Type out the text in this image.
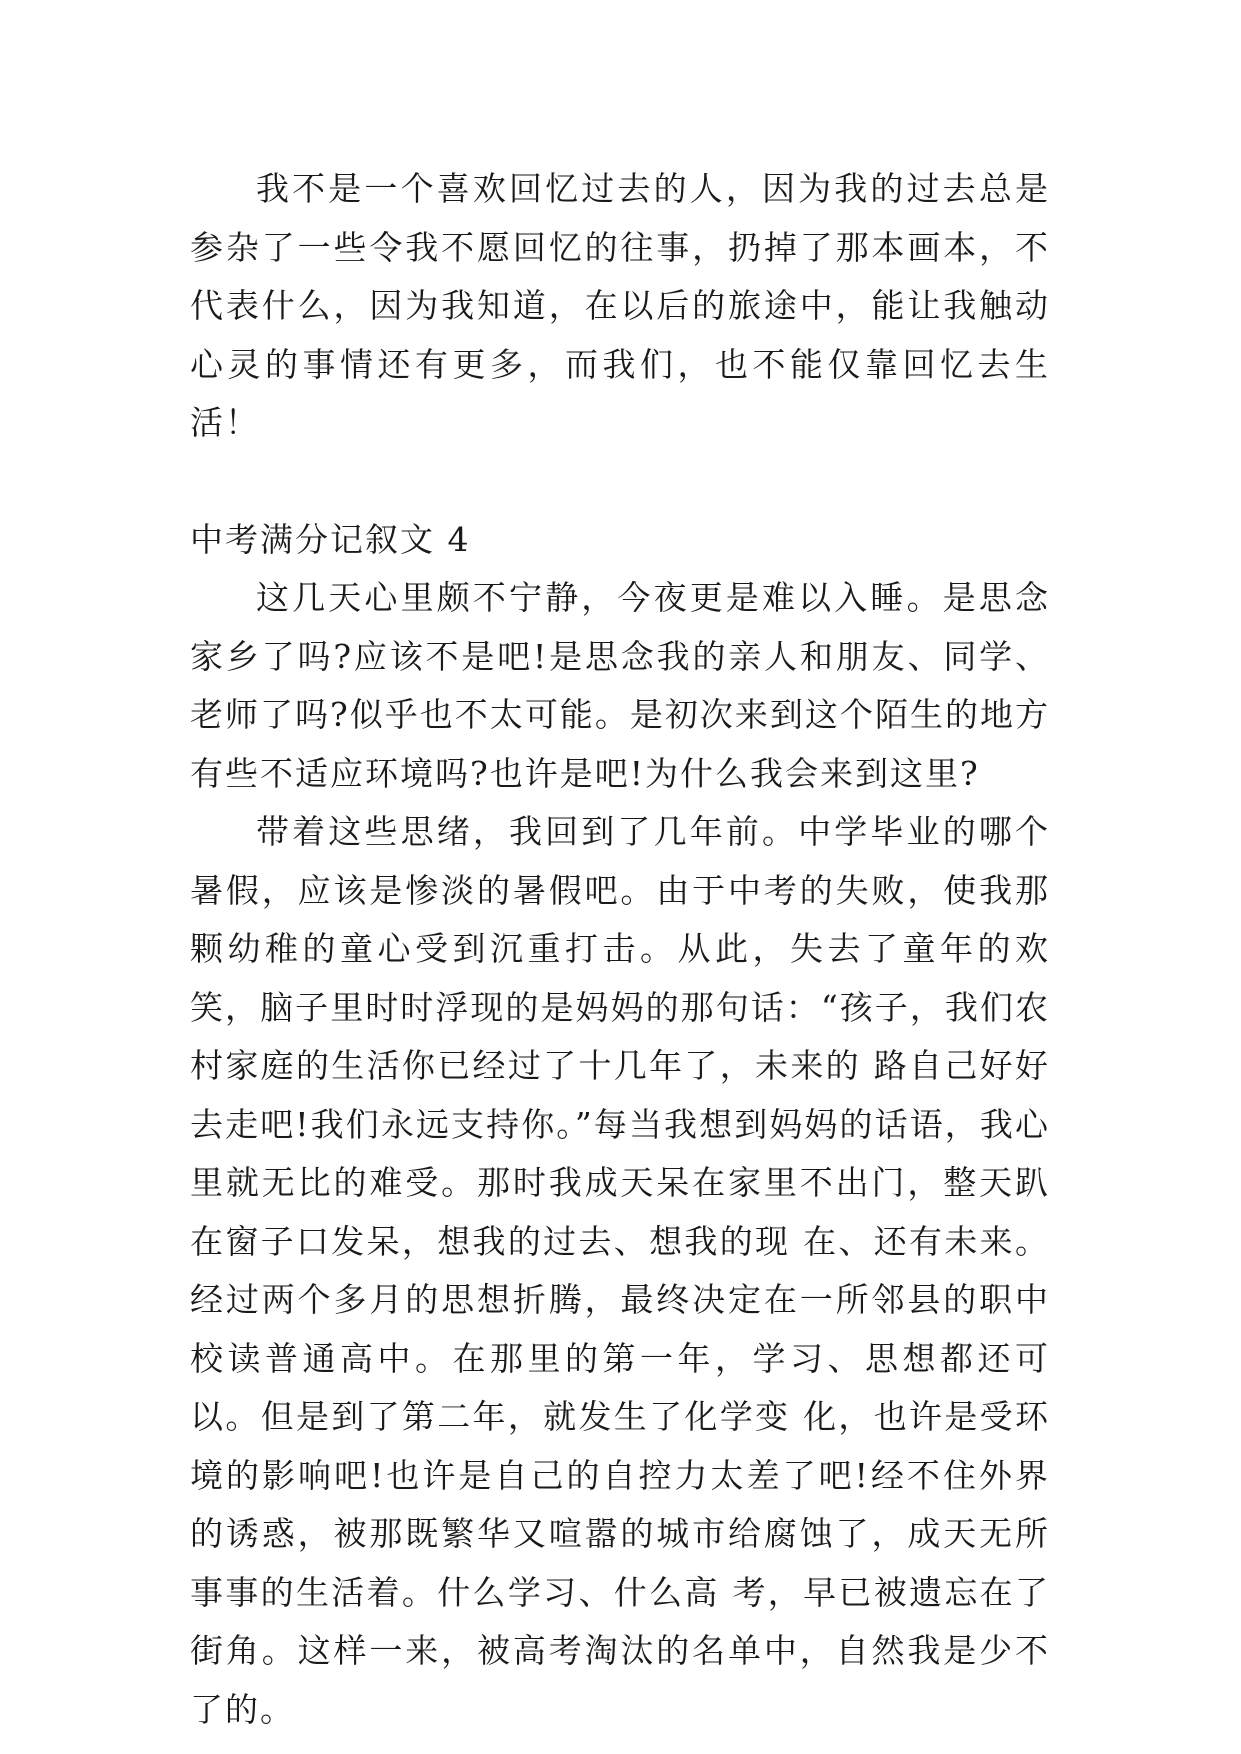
我不是一个喜欢回忆过去的人，因为我的过去总是参杂了一些令我不愿回忆的往事，扔掉了那本画本，不代表什么，因为我知道，在以后的旅途中，能让我触动心灵的事情还有更多，而我们，也不能仅靠回忆去生活！

中考满分记叙文 4

这几天心里颇不宁静，今夜更是难以入睡。是思念家乡了吗?应该不是吧!是思念我的亲人和朋友、同学、老师了吗?似乎也不太可能。是初次来到这个陌生的地方有些不适应环境吗?也许是吧!为什么我会来到这里?

带着这些思绪，我回到了几年前。中学毕业的哪个暑假，应该是惨淡的暑假吧。由于中考的失败，使我那颗幼稚的童心受到沉重打击。从此，失去了童年的欢笑，脑子里时时浮现的是妈妈的那句话：“孩子，我们农村家庭的生活你已经过了十几年了，未来的 路自己好好去走吧!我们永远支持你。”每当我想到妈妈的话语，我心里就无比的难受。那时我成天呆在家里不出门，整天趴在窗子口发呆，想我的过去、想我的现 在、还有未来。经过两个多月的思想折腾，最终决定在一所邻县的职中校读普通高中。在那里的第一年，学习、思想都还可以。但是到了第二年，就发生了化学变 化，也许是受环境的影响吧!也许是自己的自控力太差了吧!经不住外界的诱惑，被那既繁华又喧嚣的城市给腐蚀了，成天无所事事的生活着。什么学习、什么高 考，早已被遗忘在了街角。这样一来，被高考淘汰的名单中，自然我是少不了的。
